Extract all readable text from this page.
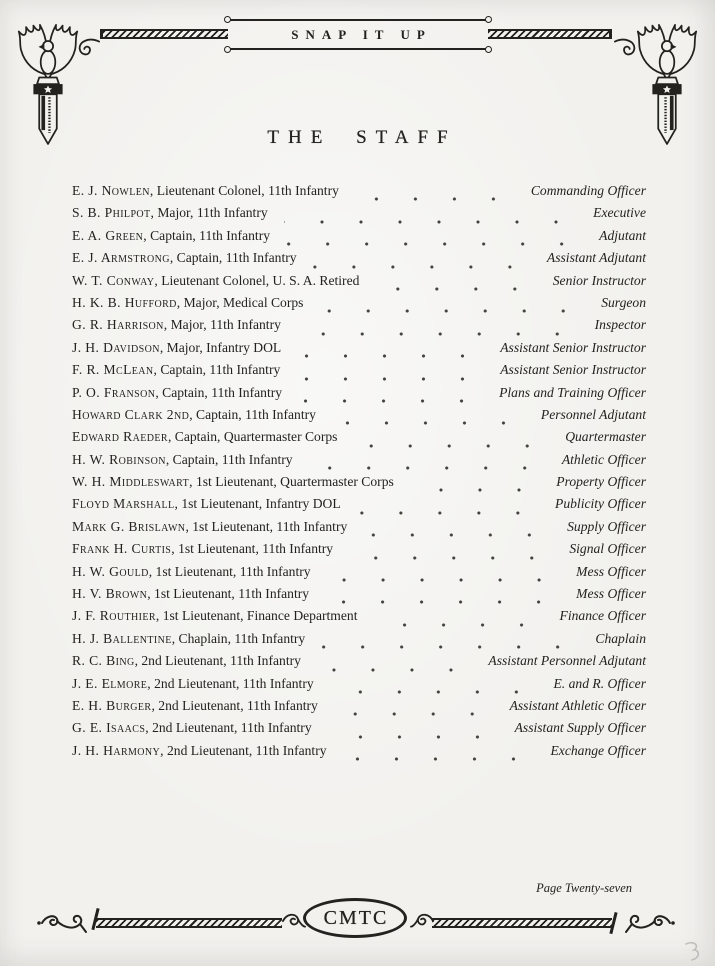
SNAP IT UP
THE STAFF
E. J. Nowlen, Lieutenant Colonel, 11th Infantry	Commanding Officer
S. B. Philpot, Major, 11th Infantry	Executive
E. A. Green, Captain, 11th Infantry	Adjutant
E. J. Armstrong, Captain, 11th Infantry	Assistant Adjutant
W. T. Conway, Lieutenant Colonel, U. S. A. Retired	Senior Instructor
H. K. B. Hufford, Major, Medical Corps	Surgeon
G. R. Harrison, Major, 11th Infantry	Inspector
J. H. Davidson, Major, Infantry DOL	Assistant Senior Instructor
F. R. McLean, Captain, 11th Infantry	Assistant Senior Instructor
P. O. Franson, Captain, 11th Infantry	Plans and Training Officer
Howard Clark 2nd, Captain, 11th Infantry	Personnel Adjutant
Edward Raeder, Captain, Quartermaster Corps	Quartermaster
H. W. Robinson, Captain, 11th Infantry	Athletic Officer
W. H. Middleswart, 1st Lieutenant, Quartermaster Corps	Property Officer
Floyd Marshall, 1st Lieutenant, Infantry DOL	Publicity Officer
Mark G. Brislawn, 1st Lieutenant, 11th Infantry	Supply Officer
Frank H. Curtis, 1st Lieutenant, 11th Infantry	Signal Officer
H. W. Gould, 1st Lieutenant, 11th Infantry	Mess Officer
H. V. Brown, 1st Lieutenant, 11th Infantry	Mess Officer
J. F. Routhier, 1st Lieutenant, Finance Department	Finance Officer
H. J. Ballentine, Chaplain, 11th Infantry	Chaplain
R. C. Bing, 2nd Lieutenant, 11th Infantry	Assistant Personnel Adjutant
J. E. Elmore, 2nd Lieutenant, 11th Infantry	E. and R. Officer
E. H. Burger, 2nd Lieutenant, 11th Infantry	Assistant Athletic Officer
G. E. Isaacs, 2nd Lieutenant, 11th Infantry	Assistant Supply Officer
J. H. Harmony, 2nd Lieutenant, 11th Infantry	Exchange Officer
Page Twenty-seven
CMTC
